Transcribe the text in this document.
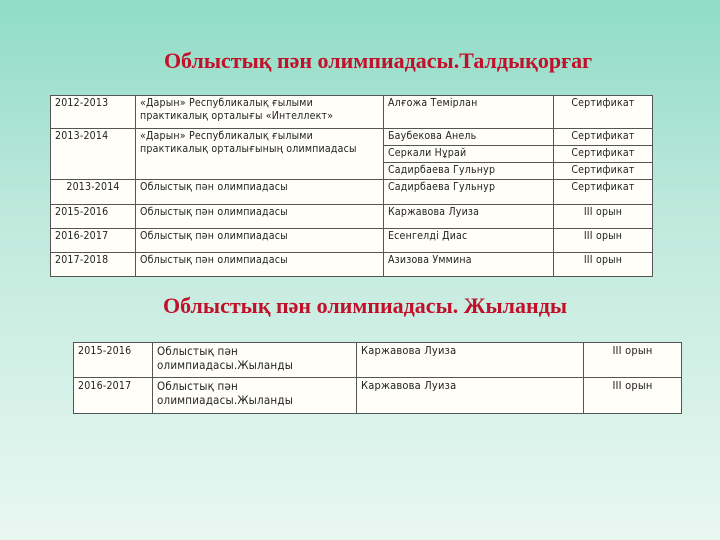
Облыстық пән олимпиадасы.Талдықорғаг
2012-2013	«Дарын» Республикалық ғылыми практикалық орталығы «Интеллект»	Алғожа Темірлан	Сертификат
2013-2014	«Дарын» Республикалық ғылыми практикалық орталығының олимпиадасы	Баубекова Анель	Сертификат
		Серкали Нұрай	Сертификат
		Садирбаева Гульнур	Сертификат
2013-2014	Облыстық пән олимпиадасы	Садирбаева Гульнур	Сертификат
2015-2016	Облыстық пән олимпиадасы	Каржавова Луиза	ІІІ орын
2016-2017	Облыстық пән олимпиадасы	Есенгелді Диас	ІІІ орын
2017-2018	Облыстық пән олимпиадасы	Азизова Уммина	ІІІ орын
Облыстық пән олимпиадасы. Жыланды
2015-2016	Облыстық пән олимпиадасы.Жыланды	Каржавова Луиза	ІІІ орын
2016-2017	Облыстық пән олимпиадасы.Жыланды	Каржавова Луиза	ІІІ орын
